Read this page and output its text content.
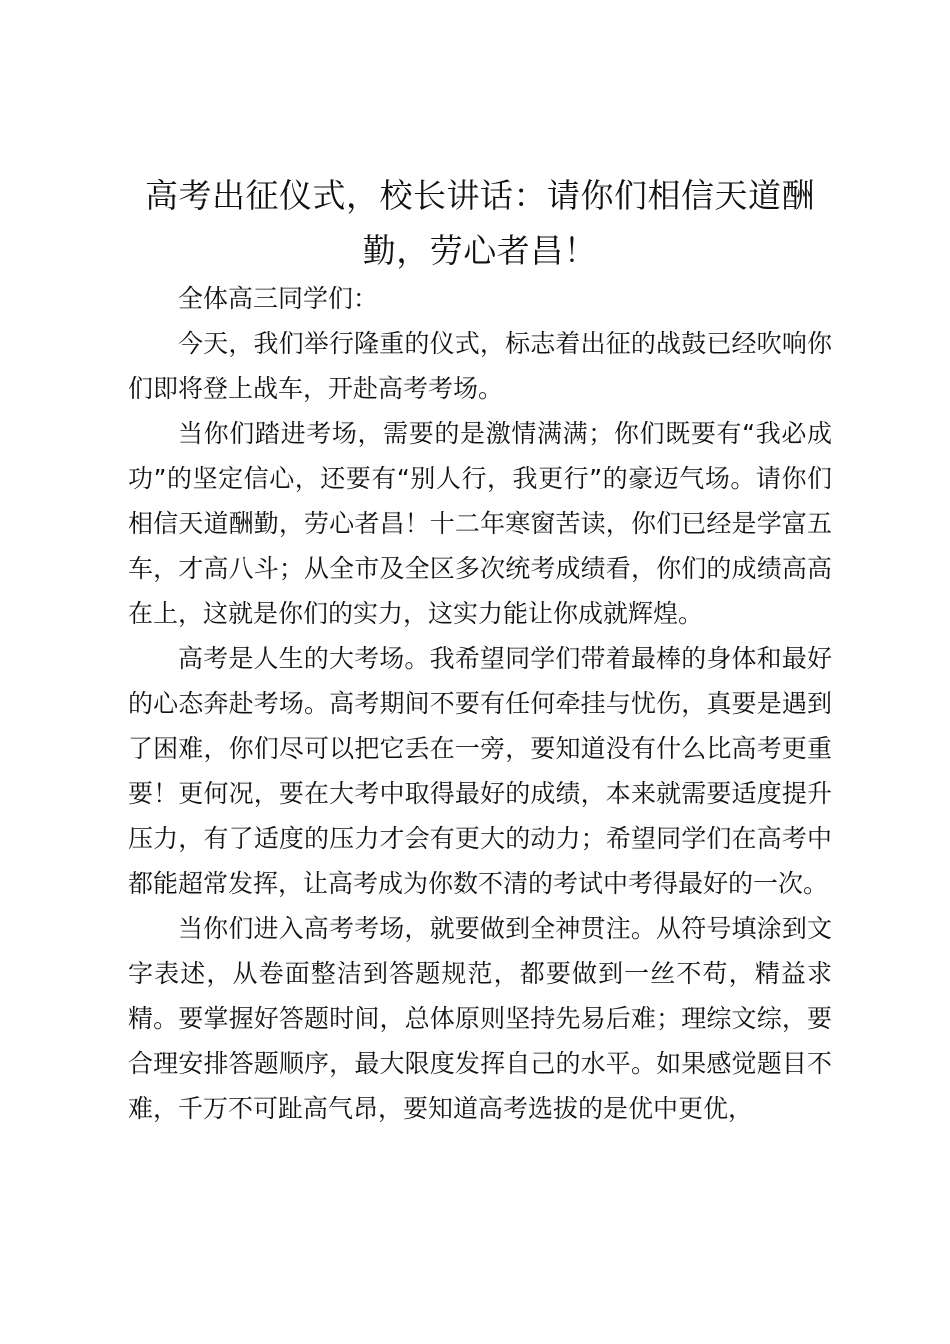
高考出征仪式，校长讲话：请你们相信天道酬勤，劳心者昌！

全体高三同学们：

今天，我们举行隆重的仪式，标志着出征的战鼓已经吹响你们即将登上战车，开赴高考考场。

当你们踏进考场，需要的是激情满满；你们既要有“我必成功”的坚定信心，还要有“别人行，我更行”的豪迈气场。请你们相信天道酬勤，劳心者昌！十二年寒窗苦读，你们已经是学富五车，才高八斗；从全市及全区多次统考成绩看，你们的成绩高高在上，这就是你们的实力，这实力能让你成就辉煌。

高考是人生的大考场。我希望同学们带着最棒的身体和最好的心态奔赴考场。高考期间不要有任何牵挂与忧伤，真要是遇到了困难，你们尽可以把它丢在一旁，要知道没有什么比高考更重要！更何况，要在大考中取得最好的成绩，本来就需要适度提升压力，有了适度的压力才会有更大的动力；希望同学们在高考中都能超常发挥，让高考成为你数不清的考试中考得最好的一次。

当你们进入高考考场，就要做到全神贯注。从符号填涂到文字表述，从卷面整洁到答题规范，都要做到一丝不苟，精益求精。要掌握好答题时间，总体原则坚持先易后难；理综文综，要合理安排答题顺序，最大限度发挥自己的水平。如果感觉题目不难，千万不可趾高气昂，要知道高考选拔的是优中更优，
